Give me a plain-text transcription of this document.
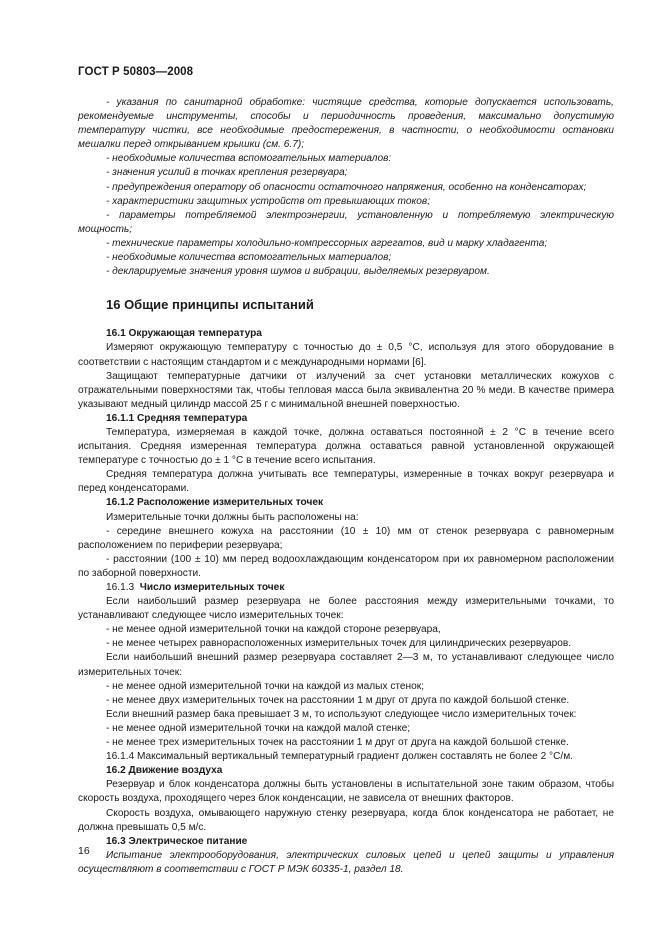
ГОСТ Р 50803—2008

- указания по санитарной обработке: чистящие средства, которые допускается использовать, рекомендуемые инструменты, способы и периодичность проведения, максимально допустимую температуру чистки, все необходимые предостережения, в частности, о необходимости остановки мешалки перед открыванием крышки (см. 6.7);

- необходимые количества вспомогательных материалов:

- значения усилий в точках крепления резервуара;

- предупреждения оператору об опасности остаточного напряжения, особенно на конденсаторах;

- характеристики защитных устройств от превышающих токов;

- параметры потребляемой электроэнергии, установленную и потребляемую электрическую мощность;

- технические параметры холодильно-компрессорных агрегатов, вид и марку хладагента;

- необходимые количества вспомогательных материалов;

- декларируемые значения уровня шумов и вибрации, выделяемых резервуаром.

16 Общие принципы испытаний

16.1 Окружающая температура

Измеряют окружающую температуру с точностью до ± 0,5 °С, используя для этого оборудование в соответствии с настоящим стандартом и с международными нормами [6].

Защищают температурные датчики от излучений за счет установки металлических кожухов с отражательными поверхностями так, чтобы тепловая масса была эквивалентна 20 % меди. В качестве примера указывают медный цилиндр массой 25 г с минимальной внешней поверхностью.

16.1.1 Средняя температура

Температура, измеряемая в каждой точке, должна оставаться постоянной ± 2 °С в течение всего испытания. Средняя измеренная температура должна оставаться равной установленной окружающей температуре с точностью до ± 1 °С в течение всего испытания.

Средняя температура должна учитывать все температуры, измеренные в точках вокруг резервуара и перед конденсаторами.

16.1.2 Расположение измерительных точек

Измерительные точки должны быть расположены на:

- середине внешнего кожуха на расстоянии (10 ± 10) мм от стенок резервуара с равномерным расположением по периферии резервуара;

- расстоянии (100 ± 10) мм перед водоохлаждающим конденсатором при их равномерном расположении по заборной поверхности.

16.1.3 Число измерительных точек

Если наибольший размер резервуара не более расстояния между измерительными точками, то устанавливают следующее число измерительных точек:

- не менее одной измерительной точки на каждой стороне резервуара,

- не менее четырех равнорасположенных измерительных точек для цилиндрических резервуаров.

Если наибольший внешний размер резервуара составляет 2—3 м, то устанавливают следующее число измерительных точек:

- не менее одной измерительной точки на каждой из малых стенок;

- не менее двух измерительных точек на расстоянии 1 м друг от друга по каждой большой стенке.

Если внешний размер бака превышает 3 м, то используют следующее число измерительных точек:

- не менее одной измерительной точки на каждой малой стенке;

- не менее трех измерительных точек на расстоянии 1 м друг от друга на каждой большой стенке.

16.1.4 Максимальный вертикальный температурный градиент должен составлять не более 2 °С/м.

16.2 Движение воздуха

Резервуар и блок конденсатора должны быть установлены в испытательной зоне таким образом, чтобы скорость воздуха, проходящего через блок конденсации, не зависела от внешних факторов.

Скорость воздуха, омывающего наружную стенку резервуара, когда блок конденсатора не работает, не должна превышать 0,5 м/с.

16.3 Электрическое питание

Испытание электрооборудования, электрических силовых цепей и цепей защиты и управления осуществляют в соответствии с ГОСТ Р МЭК 60335-1, раздел 18.

16
